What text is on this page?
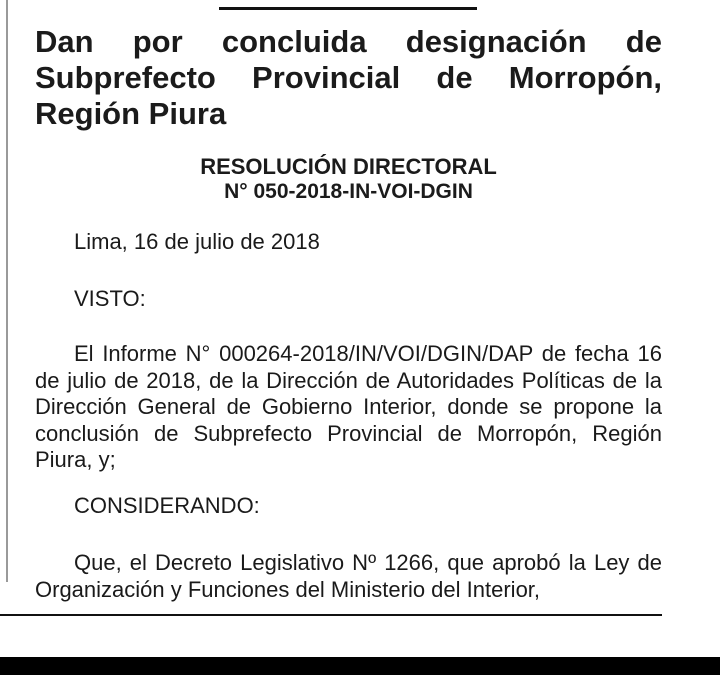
Dan por concluida designación de Subprefecto Provincial de Morropón, Región Piura
RESOLUCIÓN DIRECTORAL
N° 050-2018-IN-VOI-DGIN

Lima, 16 de julio de 2018

VISTO:

El Informe N° 000264-2018/IN/VOI/DGIN/DAP de fecha 16 de julio de 2018, de la Dirección de Autoridades Políticas de la Dirección General de Gobierno Interior, donde se propone la conclusión de Subprefecto Provincial de Morropón, Región Piura, y;

CONSIDERANDO:

Que, el Decreto Legislativo Nº 1266, que aprobó la Ley de Organización y Funciones del Ministerio del Interior,
